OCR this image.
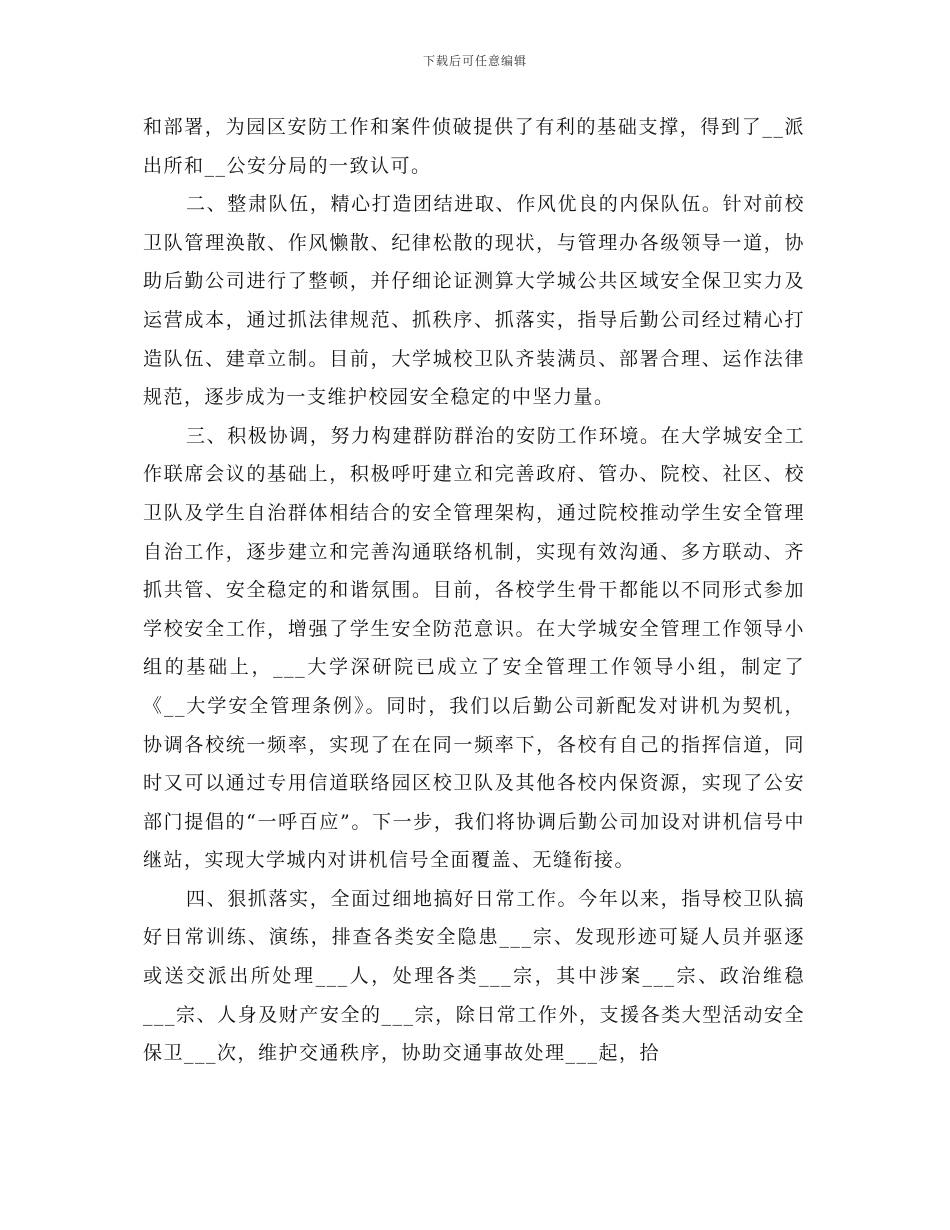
下载后可任意编辑

和部署，为园区安防工作和案件侦破提供了有利的基础支撑，得到了__派出所和__公安分局的一致认可。

二、整肃队伍，精心打造团结进取、作风优良的内保队伍。针对前校卫队管理涣散、作风懒散、纪律松散的现状，与管理办各级领导一道，协助后勤公司进行了整顿，并仔细论证测算大学城公共区域安全保卫实力及运营成本，通过抓法律规范、抓秩序、抓落实，指导后勤公司经过精心打造队伍、建章立制。目前，大学城校卫队齐装满员、部署合理、运作法律规范，逐步成为一支维护校园安全稳定的中坚力量。

三、积极协调，努力构建群防群治的安防工作环境。在大学城安全工作联席会议的基础上，积极呼吁建立和完善政府、管办、院校、社区、校卫队及学生自治群体相结合的安全管理架构，通过院校推动学生安全管理自治工作，逐步建立和完善沟通联络机制，实现有效沟通、多方联动、齐抓共管、安全稳定的和谐氛围。目前，各校学生骨干都能以不同形式参加学校安全工作，增强了学生安全防范意识。在大学城安全管理工作领导小组的基础上，___大学深研院已成立了安全管理工作领导小组，制定了《__大学安全管理条例》。同时，我们以后勤公司新配发对讲机为契机，协调各校统一频率，实现了在在同一频率下，各校有自己的指挥信道，同时又可以通过专用信道联络园区校卫队及其他各校内保资源，实现了公安部门提倡的“一呼百应”。下一步，我们将协调后勤公司加设对讲机信号中继站，实现大学城内对讲机信号全面覆盖、无缝衔接。

四、狠抓落实，全面过细地搞好日常工作。今年以来，指导校卫队搞好日常训练、演练，排查各类安全隐患___宗、发现形迹可疑人员并驱逐或送交派出所处理___人，处理各类___宗，其中涉案___宗、政治维稳___宗、人身及财产安全的___宗，除日常工作外，支援各类大型活动安全保卫___次，维护交通秩序，协助交通事故处理___起，拾
